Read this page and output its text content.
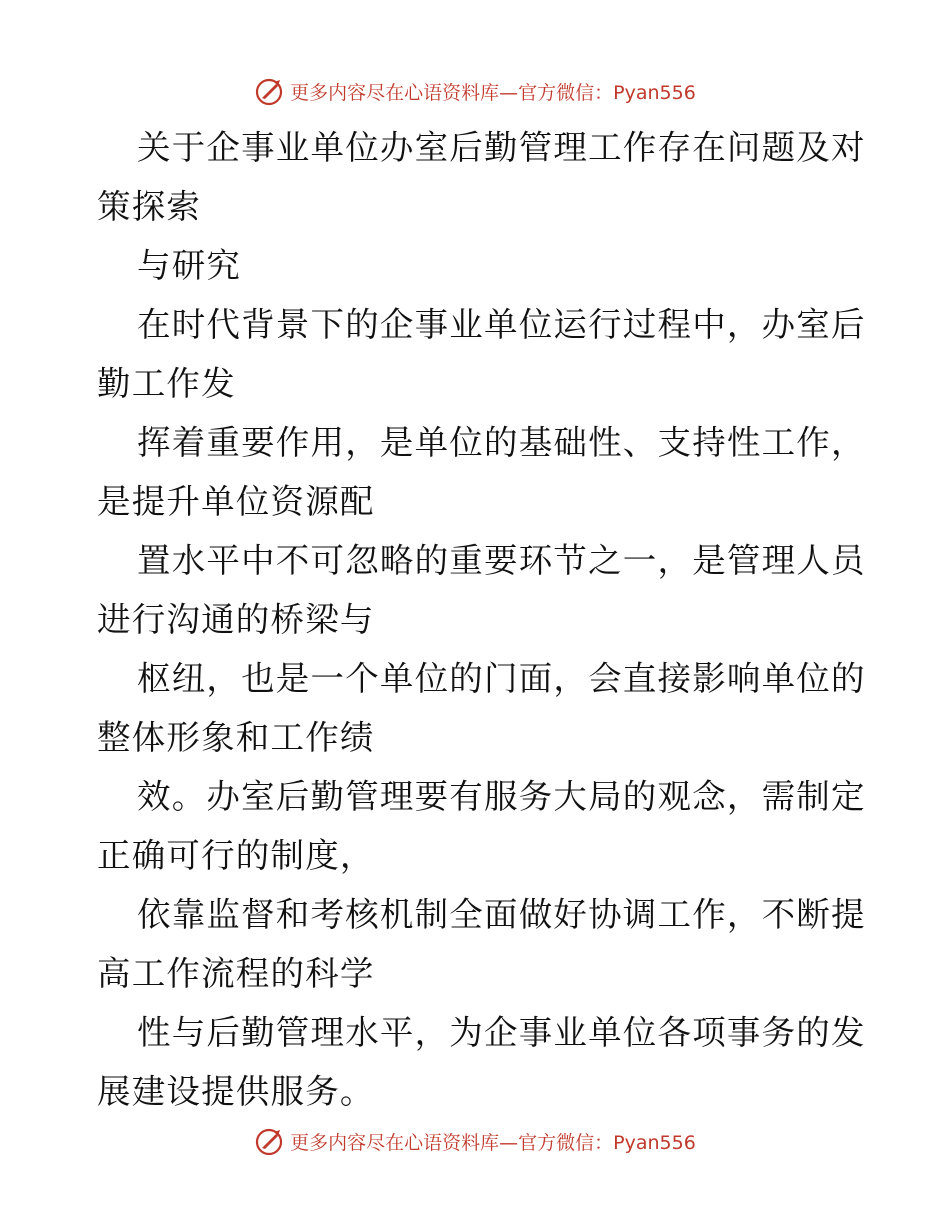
更多内容尽在心语资料库—官方微信：Pyan556
关于企事业单位办室后勤管理工作存在问题及对
策探索
与研究
在时代背景下的企事业单位运行过程中，办室后
勤工作发
挥着重要作用，是单位的基础性、支持性工作，
是提升单位资源配
置水平中不可忽略的重要环节之一，是管理人员
进行沟通的桥梁与
枢纽，也是一个单位的门面，会直接影响单位的
整体形象和工作绩
效。办室后勤管理要有服务大局的观念，需制定
正确可行的制度，
依靠监督和考核机制全面做好协调工作，不断提
高工作流程的科学
性与后勤管理水平，为企事业单位各项事务的发
展建设提供服务。
更多内容尽在心语资料库—官方微信：Pyan556
